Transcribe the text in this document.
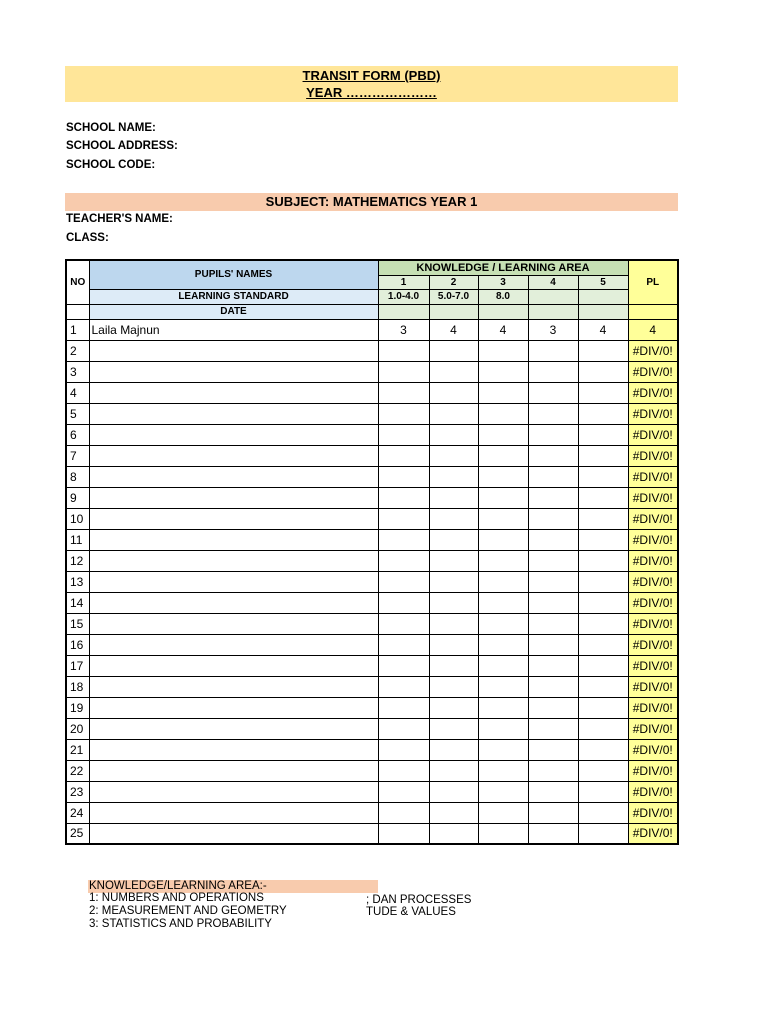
TRANSIT FORM (PBD)
YEAR …………………
SCHOOL NAME:
SCHOOL ADDRESS:
SCHOOL CODE:
SUBJECT: MATHEMATICS YEAR 1
TEACHER'S NAME:
CLASS:
NO	PUPILS' NAMES	KNOWLEDGE / LEARNING AREA					PL
		1	2	3	4	5	
	LEARNING STANDARD	1.0-4.0	5.0-7.0	8.0			
	DATE						
1	Laila Majnun	3	4	4	3	4	4
2							#DIV/0!
3							#DIV/0!
4							#DIV/0!
5							#DIV/0!
6							#DIV/0!
7							#DIV/0!
8							#DIV/0!
9							#DIV/0!
10							#DIV/0!
11							#DIV/0!
12							#DIV/0!
13							#DIV/0!
14							#DIV/0!
15							#DIV/0!
16							#DIV/0!
17							#DIV/0!
18							#DIV/0!
19							#DIV/0!
20							#DIV/0!
21							#DIV/0!
22							#DIV/0!
23							#DIV/0!
24							#DIV/0!
25							#DIV/0!
KNOWLEDGE/LEARNING AREA:-
1: NUMBERS AND OPERATIONS
2: MEASUREMENT AND GEOMETRY
3: STATISTICS AND PROBABILITY
; DAN PROCESSES
TUDE & VALUES
